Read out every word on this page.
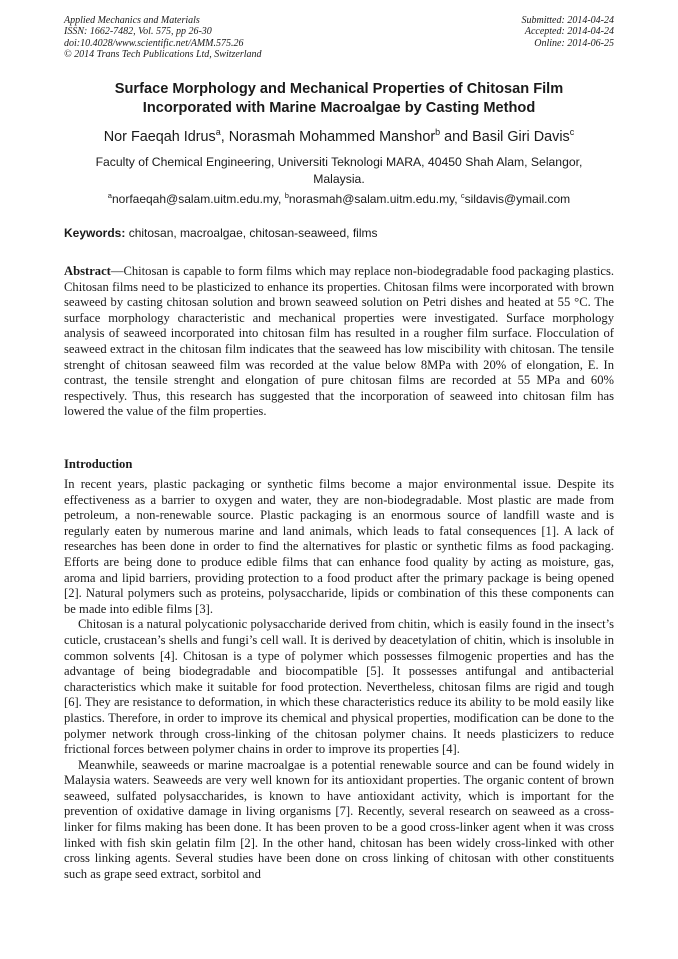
Applied Mechanics and Materials
ISSN: 1662-7482, Vol. 575, pp 26-30
doi:10.4028/www.scientific.net/AMM.575.26
© 2014 Trans Tech Publications Ltd, Switzerland
Submitted: 2014-04-24
Accepted: 2014-04-24
Online: 2014-06-25
Surface Morphology and Mechanical Properties of Chitosan Film
Incorporated with Marine Macroalgae by Casting Method
Nor Faeqah Idrus$^a$, Norasmah Mohammed Manshor$^b$ and Basil Giri Davis$^c$
Faculty of Chemical Engineering, Universiti Teknologi MARA, 40450 Shah Alam, Selangor, Malaysia.
$^a$norfaeqah@salam.uitm.edu.my, $^b$norasmah@salam.uitm.edu.my, $^c$sildavis@ymail.com
Keywords: chitosan, macroalgae, chitosan-seaweed, films
Abstract—Chitosan is capable to form films which may replace non-biodegradable food packaging plastics. Chitosan films need to be plasticized to enhance its properties. Chitosan films were incorporated with brown seaweed by casting chitosan solution and brown seaweed solution on Petri dishes and heated at 55 °C. The surface morphology characteristic and mechanical properties were investigated. Surface morphology analysis of seaweed incorporated into chitosan film has resulted in a rougher film surface. Flocculation of seaweed extract in the chitosan film indicates that the seaweed has low miscibility with chitosan. The tensile strenght of chitosan seaweed film was recorded at the value below 8MPa with 20% of elongation, E. In contrast, the tensile strenght and elongation of pure chitosan films are recorded at 55 MPa and 60% respectively. Thus, this research has suggested that the incorporation of seaweed into chitosan film has lowered the value of the film properties.
Introduction

In recent years, plastic packaging or synthetic films become a major environmental issue. Despite its effectiveness as a barrier to oxygen and water, they are non-biodegradable. Most plastic are made from petroleum, a non-renewable source. Plastic packaging is an enormous source of landfill waste and is regularly eaten by numerous marine and land animals, which leads to fatal consequences [1]. A lack of researches has been done in order to find the alternatives for plastic or synthetic films as food packaging. Efforts are being done to produce edible films that can enhance food quality by acting as moisture, gas, aroma and lipid barriers, providing protection to a food product after the primary package is being opened [2]. Natural polymers such as proteins, polysaccharide, lipids or combination of this these components can be made into edible films [3].

Chitosan is a natural polycationic polysaccharide derived from chitin, which is easily found in the insect’s cuticle, crustacean’s shells and fungi’s cell wall. It is derived by deacetylation of chitin, which is insoluble in common solvents [4]. Chitosan is a type of polymer which possesses filmogenic properties and has the advantage of being biodegradable and biocompatible [5]. It possesses antifungal and antibacterial characteristics which make it suitable for food protection. Nevertheless, chitosan films are rigid and tough [6]. They are resistance to deformation, in which these characteristics reduce its ability to be mold easily like plastics. Therefore, in order to improve its chemical and physical properties, modification can be done to the polymer network through cross-linking of the chitosan polymer chains. It needs plasticizers to reduce frictional forces between polymer chains in order to improve its properties [4].

Meanwhile, seaweeds or marine macroalgae is a potential renewable source and can be found widely in Malaysia waters. Seaweeds are very well known for its antioxidant properties. The organic content of brown seaweed, sulfated polysaccharides, is known to have antioxidant activity, which is important for the prevention of oxidative damage in living organisms [7]. Recently, several research on seaweed as a cross-linker for films making has been done. It has been proven to be a good cross-linker agent when it was cross linked with fish skin gelatin film [2]. In the other hand, chitosan has been widely cross-linked with other cross linking agents. Several studies have been done on cross linking of chitosan with other constituents such as grape seed extract, sorbitol and
